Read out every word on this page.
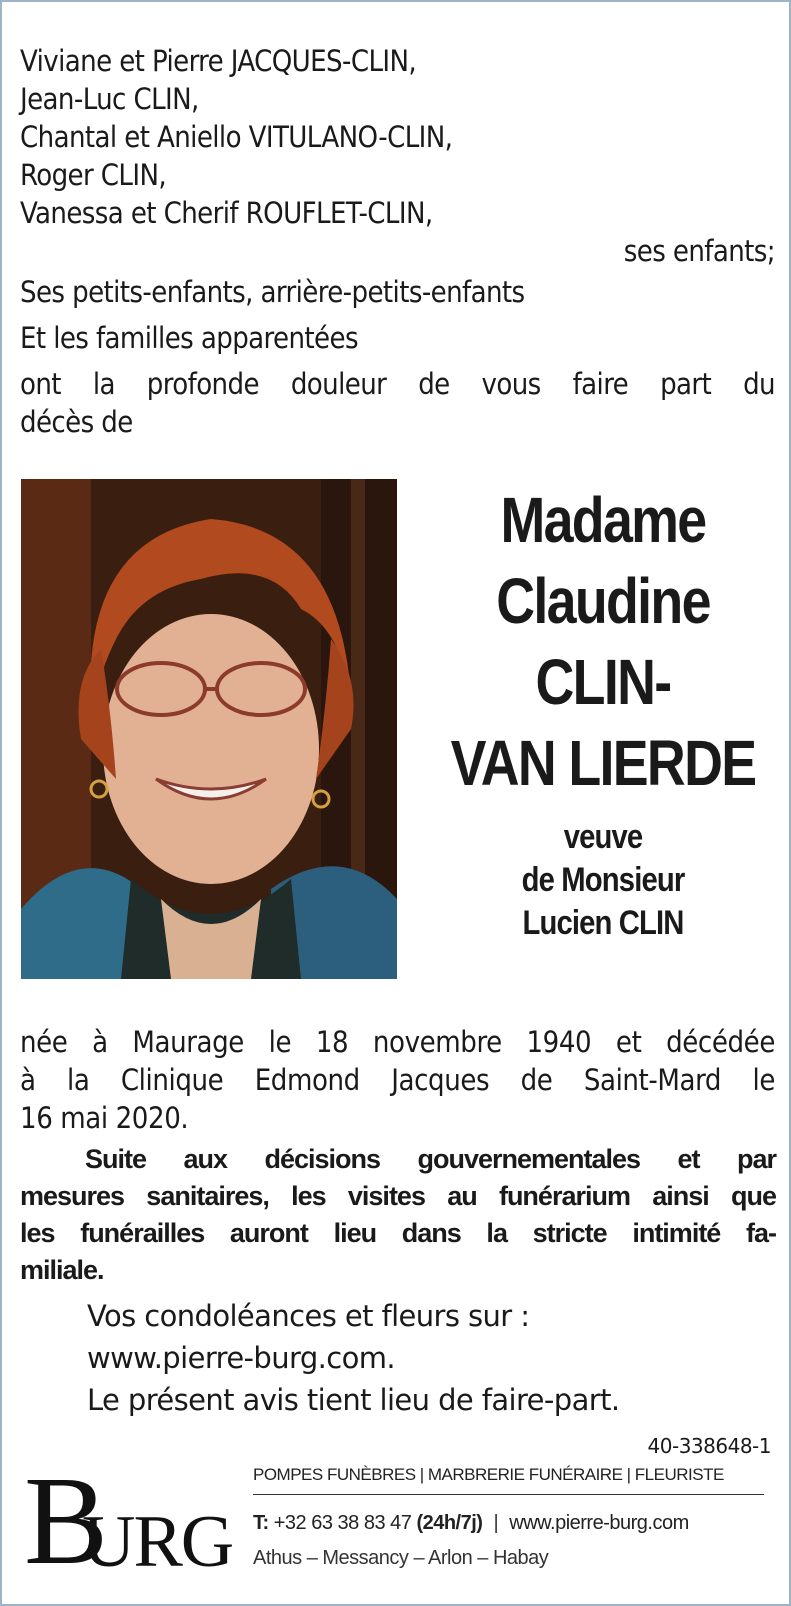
Viviane et Pierre JACQUES-CLIN,
Jean-Luc CLIN,
Chantal et Aniello VITULANO-CLIN,
Roger CLIN,
Vanessa et Cherif ROUFLET-CLIN,
ses enfants;
Ses petits-enfants, arrière-petits-enfants
Et les familles apparentées
ont la profonde douleur de vous faire part du
décès de
Madame
Claudine
CLIN-
VAN LIERDE
veuve
de Monsieur
Lucien CLIN
née à Maurage le 18 novembre 1940 et décédée
à la Clinique Edmond Jacques de Saint-Mard le
16 mai 2020.
Suite aux décisions gouvernementales et par
mesures sanitaires, les visites au funérarium ainsi que
les funérailles auront lieu dans la stricte intimité fa-
miliale.
Vos condoléances et fleurs sur :
www.pierre-burg.com.
Le présent avis tient lieu de faire-part.
40-338648-1
B
URG
POMPES FUNÈBRES | MARBRERIE FUNÉRAIRE | FLEURISTE
T: +32 63 38 83 47 (24h/7j) | www.pierre-burg.com
Athus – Messancy – Arlon – Habay
